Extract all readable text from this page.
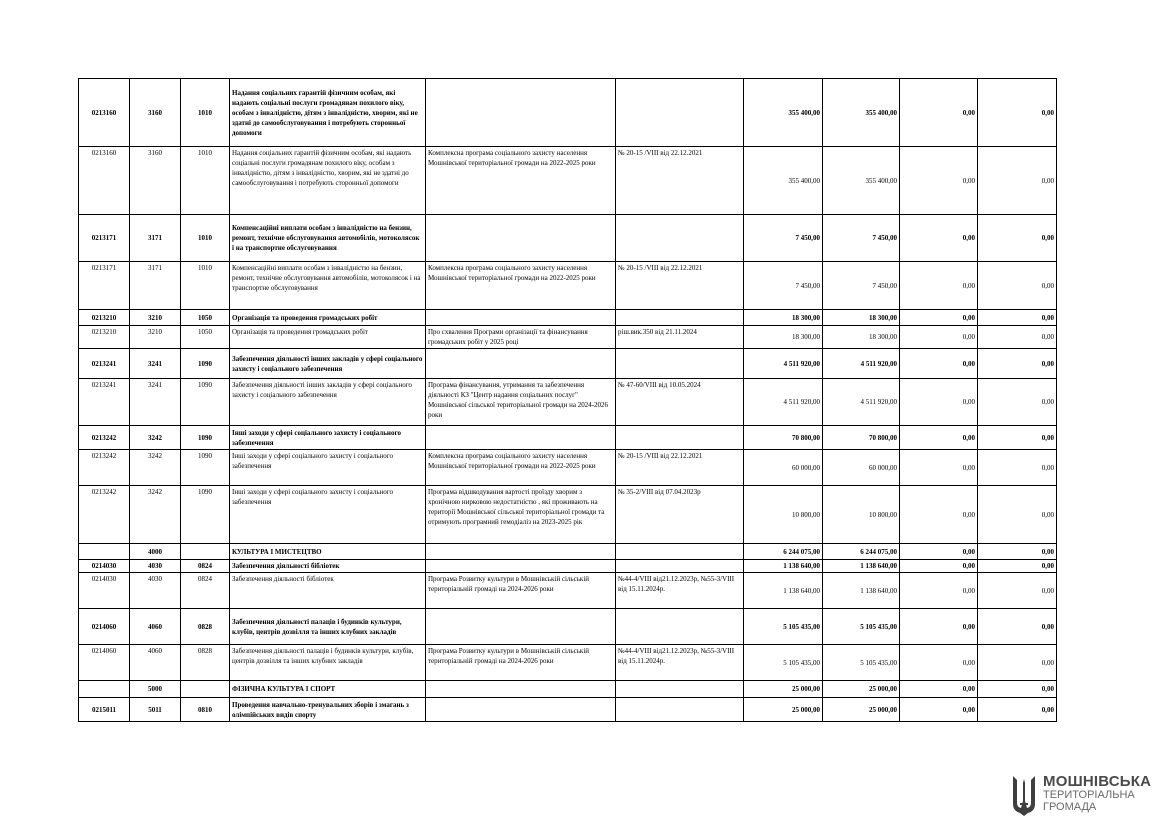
0213160	3160	1010	Надання соціальних гарантій фізичним особам, які надають соціальні послуги громадянам похилого віку, особам з інвалідністю, дітям з інвалідністю, хворим, які не здатні до самообслуговування і потребують сторонньої допомоги			355 400,00	355 400,00	0,00	0,00
0213160	3160	1010	Надання соціальних гарантій фізичним особам, які надають соціальні послуги громадянам похилого віку, особам з інвалідністю, дітям з інвалідністю, хворим, які не здатні до самообслуговування і потребують сторонньої допомоги	Комплексна програма соціального захисту населення Мошнівської територіальної громади на 2022-2025 роки	№ 20-15 /VIII від 22.12.2021	355 400,00	355 400,00	0,00	0,00
0213171	3171	1010	Компенсаційні виплати особам з інвалідністю на бензин, ремонт, технічне обслуговування автомобілів, мотоколясок і на транспортне обслуговування			7 450,00	7 450,00	0,00	0,00
0213171	3171	1010	Компенсаційні виплати особам з інвалідністю на бензин, ремонт, технічне обслуговування автомобілів, мотоколясок і на транспортне обслуговування	Комплексна програма соціального захисту населення Мошнівської територіальної громади на 2022-2025 роки	№ 20-15 /VIII від 22.12.2021	7 450,00	7 450,00	0,00	0,00
0213210	3210	1050	Організація та проведення громадських робіт			18 300,00	18 300,00	0,00	0,00
0213210	3210	1050	Організація та проведення громадських робіт	Про схвалення Програми організації та фінансування громадських робіт у 2025 році	ріш.вик.350 від 21.11.2024	18 300,00	18 300,00	0,00	0,00
0213241	3241	1090	Забезпечення діяльності інших закладів у сфері соціального захисту і соціального забезпечення			4 511 920,00	4 511 920,00	0,00	0,00
0213241	3241	1090	Забезпечення діяльності інших закладів у сфері соціального захисту і соціального забезпечення	Програма фінансування, утримання та забезпечення діяльності КЗ "Центр надання соціальних послуг" Мошнівської сільської територіальної громади на 2024-2026 роки	№ 47-60/VIII від 10.05.2024	4 511 920,00	4 511 920,00	0,00	0,00
0213242	3242	1090	Інші заходи у сфері соціального захисту і соціального забезпечення			70 800,00	70 800,00	0,00	0,00
0213242	3242	1090	Інші заходи у сфері соціального захисту і соціального забезпечення	Комплексна програма соціального захисту населення Мошнівської територіальної громади на 2022-2025 роки	№ 20-15 /VIII від 22.12.2021	60 000,00	60 000,00	0,00	0,00
0213242	3242	1090	Інші заходи у сфері соціального захисту і соціального забезпечення	Програма відшкодування вартості проїзду хворим з хронічною нирковою недостатністю , які проживають на території Мошнівської сільської територіальної громади та отримують програмний гемодіаліз на 2023-2025 рік	№ 35-2/VIII від 07.04.2023р	10 800,00	10 800,00	0,00	0,00
	4000		КУЛЬТУРА І МИСТЕЦТВО			6 244 075,00	6 244 075,00	0,00	0,00
0214030	4030	0824	Забезпечення діяльності бібліотек			1 138 640,00	1 138 640,00	0,00	0,00
0214030	4030	0824	Забезпечення діяльності бібліотек	Програма Розвитку культури в Мошнівській сільській територіальній громаді на 2024-2026 роки	№44-4/VIII від21.12.2023р, №55-3/VIII від 15.11.2024р.	1 138 640,00	1 138 640,00	0,00	0,00
0214060	4060	0828	Забезпечення діяльності палаців i будинків культури, клубів, центрів дозвілля та iнших клубних закладів			5 105 435,00	5 105 435,00	0,00	0,00
0214060	4060	0828	Забезпечення діяльності палаців i будинків культури, клубів, центрів дозвілля та iнших клубних закладів	Програма Розвитку культури в Мошнівській сільській територіальній громаді на 2024-2026 роки	№44-4/VIII від21.12.2023р, №55-3/VIII від 15.11.2024р.	5 105 435,00	5 105 435,00	0,00	0,00
	5000		ФІЗИЧНА КУЛЬТУРА І СПОРТ			25 000,00	25 000,00	0,00	0,00
0215011	5011	0810	Проведення навчально-тренувальних зборів і змагань з олімпійських видів спорту			25 000,00	25 000,00	0,00	0,00
МОШНІВСЬКА
ТЕРИТОРІАЛЬНА
ГРОМАДА
